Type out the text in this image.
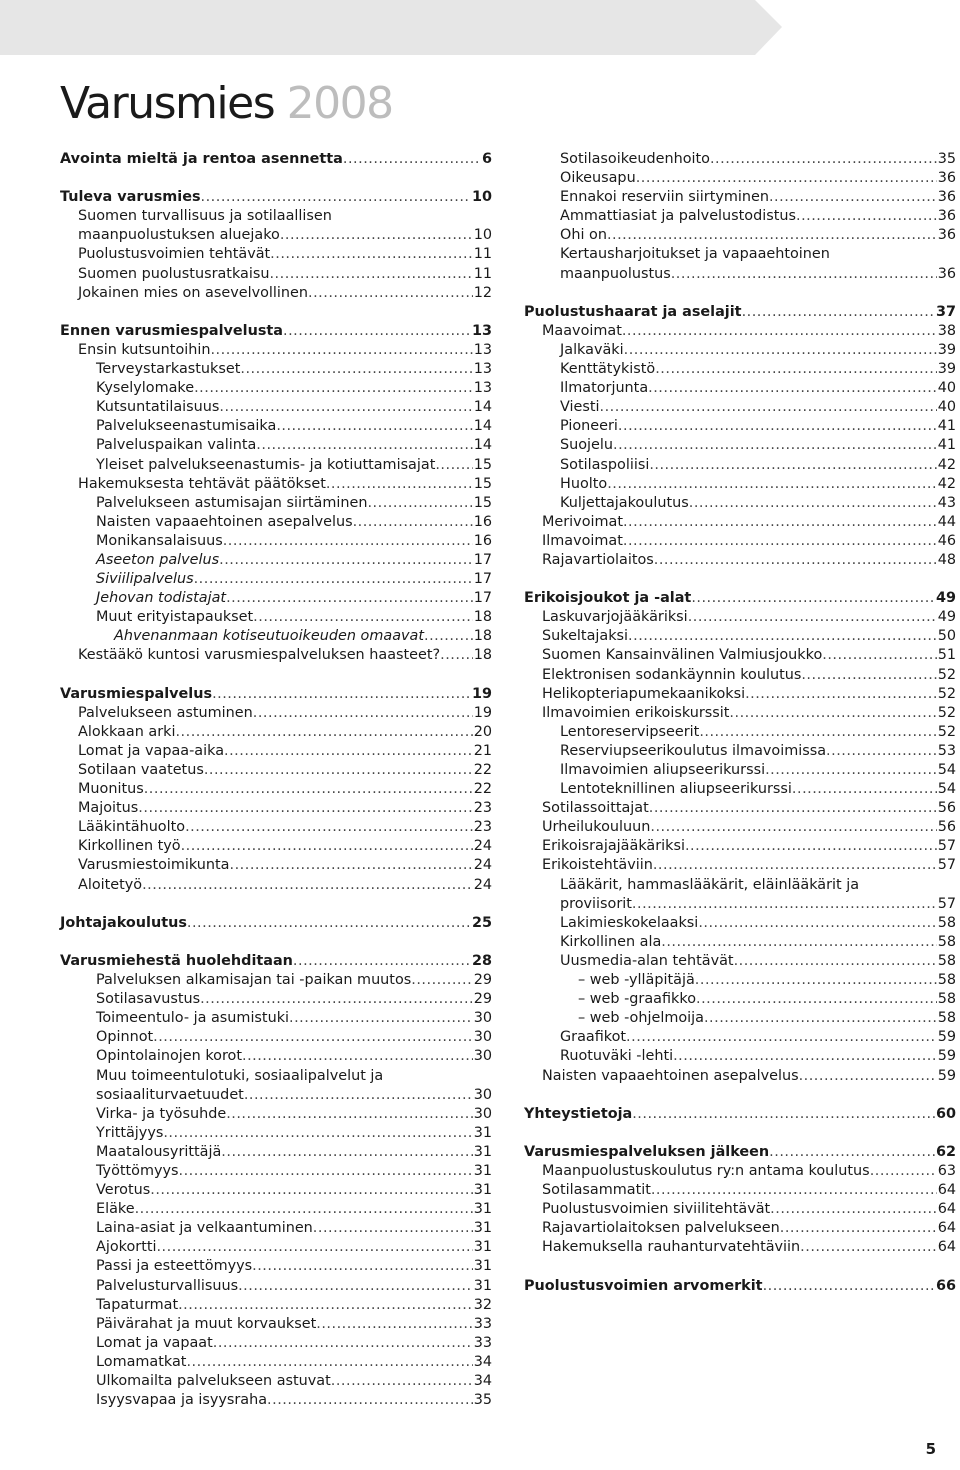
Varusmies 2008
Avointa mieltä ja rentoa asennetta .....	6
Tuleva varusmies .....	10
Suomen turvallisuus ja sotilaallisen
maanpuolustuksen aluejako .....	10
Puolustusvoimien tehtävät .....	11
Suomen puolustusratkaisu .....	11
Jokainen mies on asevelvollinen .....	12
Ennen varusmiespalvelusta .....	13
Ensin kutsuntoihin .....	13
Terveystarkastukset .....	13
Kyselylomake .....	13
Kutsuntatilaisuus .....	14
Palvelukseenastumisaika .....	14
Palveluspaikan valinta .....	14
Yleiset palvelukseenastumis- ja kotiuttamisajat .....	15
Hakemuksesta tehtävät päätökset .....	15
Palvelukseen astumisajan siirtäminen .....	15
Naisten vapaaehtoinen asepalvelus .....	16
Monikansalaisuus .....	16
Aseeton palvelus .....	17
Siviilipalvelus .....	17
Jehovan todistajat .....	17
Muut erityistapaukset .....	18
Ahvenanmaan kotiseutuoikeuden omaavat .....	18
Kestääkö kuntosi varusmiespalveluksen haasteet? ..... 18
Varusmiespalvelus .....	19
Palvelukseen astuminen .....	19
Alokkaan arki .....	20
Lomat ja vapaa-aika .....	21
Sotilaan vaatetus .....	22
Muonitus .....	22
Majoitus .....	23
Lääkintähuolto .....	23
Kirkollinen työ .....	24
Varusmiestoimikunta .....	24
Aloitetyö .....	24
Johtajakoulutus .....	25
Varusmiehestä huolehditaan .....	28
Palveluksen alkamisajan tai -paikan muutos .....	29
Sotilasavustus .....	29
Toimeentulo- ja asumistuki .....	30
Opinnot .....	30
Opintolainojen korot .....	30
Muu toimeentulotuki, sosiaalipalvelut ja
sosiaaliturvaetuudet .....	30
Virka- ja työsuhde .....	30
Yrittäjyys .....	31
Maatalousyrittäjä .....	31
Työttömyys .....	31
Verotus .....	31
Eläke .....	31
Laina-asiat ja velkaantuminen .....	31
Ajokortti .....	31
Passi ja esteettömyys .....	31
Palvelusturvallisuus .....	31
Tapaturmat .....	32
Päivärahat ja muut korvaukset .....	33
Lomat ja vapaat .....	33
Lomamatkat .....	34
Ulkomailta palvelukseen astuvat .....	34
Isyysvapaa ja isyysraha .....	35
Sotilasoikeudenhoito .....	35
Oikeusapu .....	36
Ennakoi reserviin siirtyminen .....	36
Ammattiasiat ja palvelustodistus .....	36
Ohi on .....	36
Kertausharjoitukset ja vapaaehtoinen
maanpuolustus .....	36
Puolustushaarat ja aselajit .....	37
Maavoimat .....	38
Jalkaväki .....	39
Kenttätykistö .....	39
Ilmatorjunta .....	40
Viesti .....	40
Pioneeri .....	41
Suojelu .....	41
Sotilaspoliisi .....	42
Huolto .....	42
Kuljettajakoulutus .....	43
Merivoimat .....	44
Ilmavoimat .....	46
Rajavartiolaitos .....	48
Erikoisjoukot ja -alat .....	49
Laskuvarjojääkäriksi .....	49
Sukeltajaksi .....	50
Suomen Kansainvälinen Valmiusjoukko .....	51
Elektronisen sodankäynnin koulutus .....	52
Helikopteriapumekaanikoksi .....	52
Ilmavoimien erikoiskurssit .....	52
Lentoreservipseerit .....	52
Reserviupseerikoulutus ilmavoimissa .....	53
Ilmavoimien aliupseerikurssi .....	54
Lentoteknillinen aliupseerikurssi .....	54
Sotilassoittajat .....	56
Urheilukouluun .....	56
Erikoisrajajääkäriksi .....	57
Erikoistehtäviin .....	57
Lääkärit, hammaslääkärit, eläinlääkärit ja
proviisorit .....	57
Lakimieskokelaaksi .....	58
Kirkollinen ala .....	58
Uusmedia-alan tehtävät .....	58
– web -ylläpitäjä .....	58
– web -graafikko .....	58
– web -ohjelmoija .....	58
Graafikot .....	59
Ruotuväki -lehti .....	59
Naisten vapaaehtoinen asepalvelus .....	59
Yhteystietoja .....	60
Varusmiespalveluksen jälkeen .....	62
Maanpuolustuskoulutus ry:n antama koulutus .....	63
Sotilasammatit .....	64
Puolustusvoimien siviilitehtävät .....	64
Rajavartiolaitoksen palvelukseen .....	64
Hakemuksella rauhanturvatehtäviin .....	64
Puolustusvoimien arvomerkit .....	66
5
